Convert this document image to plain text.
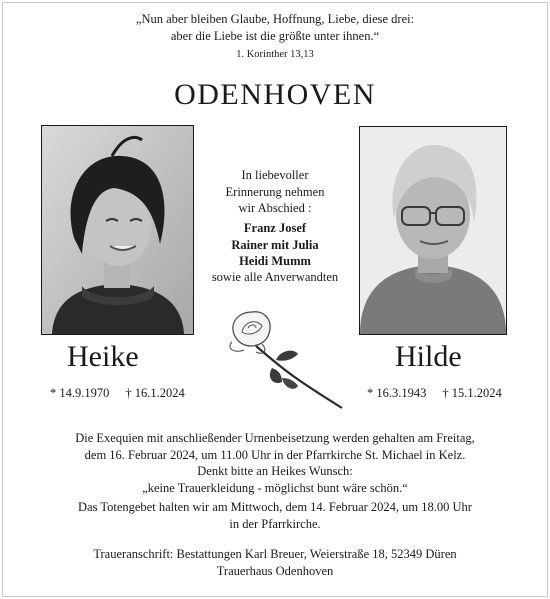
„Nun aber bleiben Glaube, Hoffnung, Liebe, diese drei:
aber die Liebe ist die größte unter ihnen.“
1. Korinther 13,13
ODENHOVEN
In liebevoller
Erinnerung nehmen
wir Abschied :
Franz Josef
Rainer mit Julia
Heidi Mumm
sowie alle Anverwandten
Heike	Hilde
* 14.9.1970 † 16.1.2024	* 16.3.1943 † 15.1.2024

Die Exequien mit anschließender Urnenbeisetzung werden gehalten am Freitag,

dem 16. Februar 2024, um 11.00 Uhr in der Pfarrkirche St. Michael in Kelz.

Denkt bitte an Heikes Wunsch:

„keine Trauerkleidung - möglichst bunt wäre schön.“

Das Totengebet halten wir am Mittwoch, dem 14. Februar 2024, um 18.00 Uhr

in der Pfarrkirche.

Traueranschrift: Bestattungen Karl Breuer, Weierstraße 18, 52349 Düren
Trauerhaus Odenhoven
